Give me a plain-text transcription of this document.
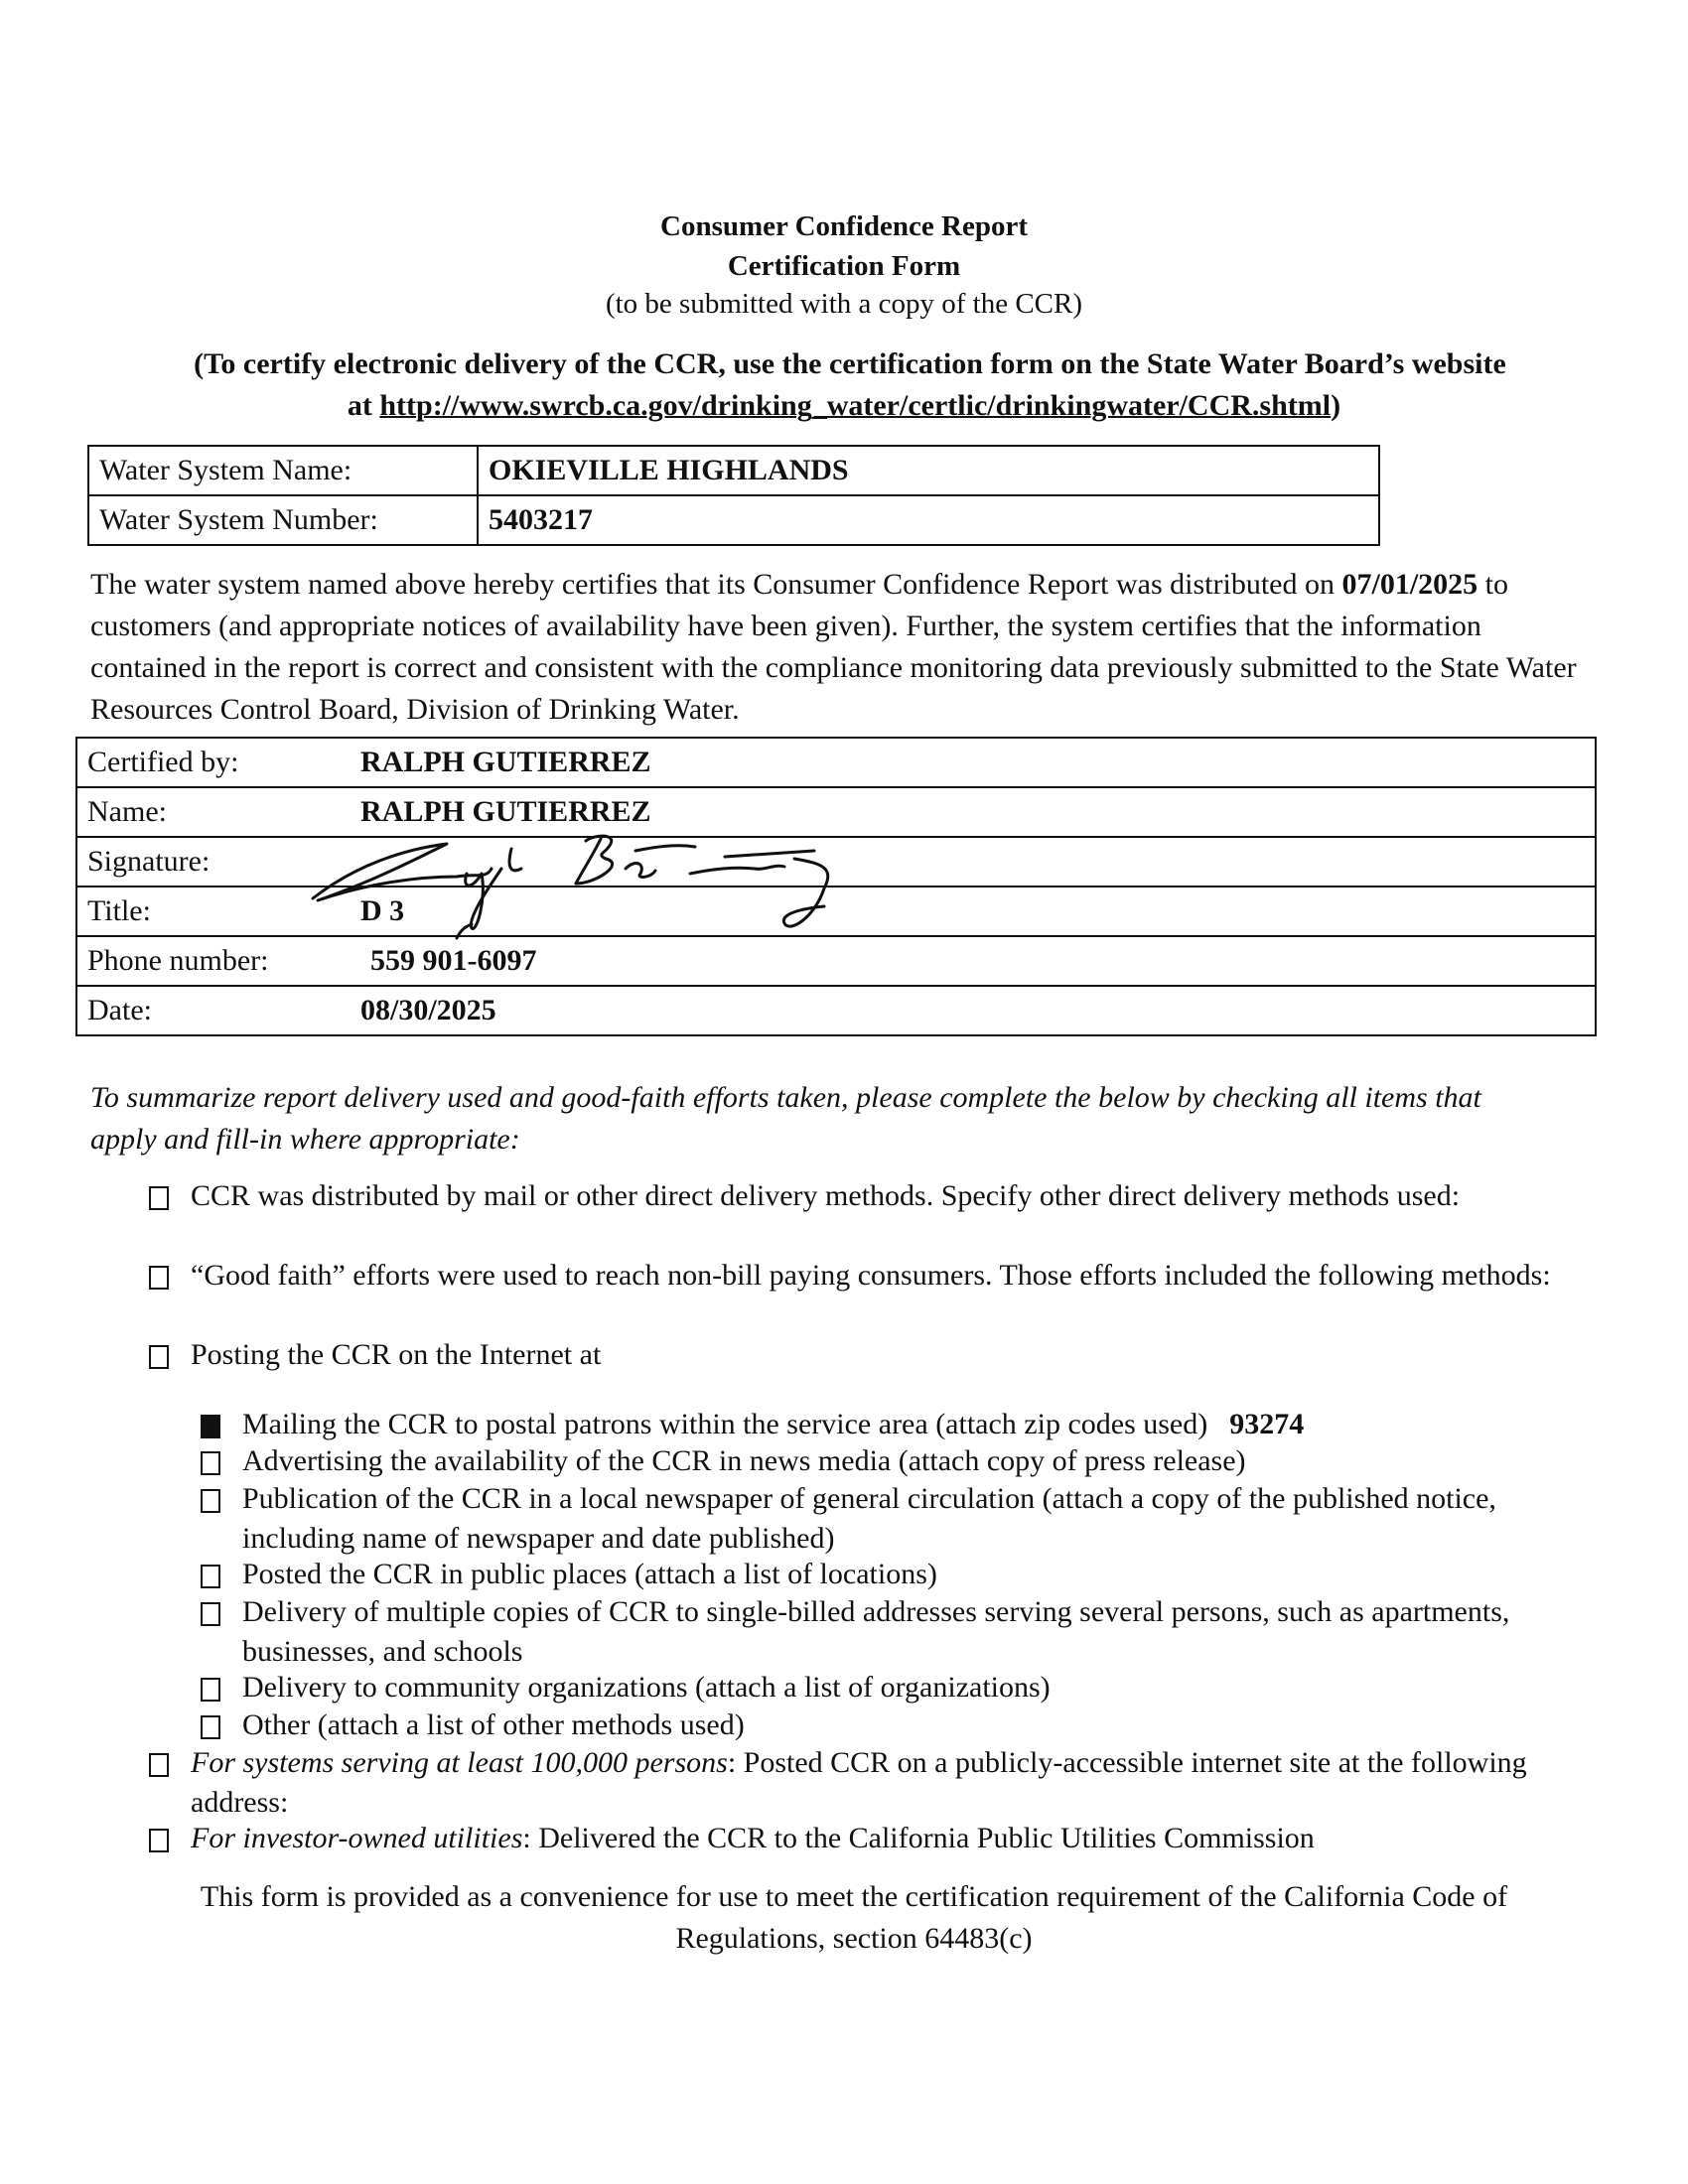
Consumer Confidence Report
Certification Form
(to be submitted with a copy of the CCR)
(To certify electronic delivery of the CCR, use the certification form on the State Water Board’s website
at http://www.swrcb.ca.gov/drinking_water/certlic/drinkingwater/CCR.shtml)
Water System Name:	OKIEVILLE HIGHLANDS
Water System Number:	5403217
The water system named above hereby certifies that its Consumer Confidence Report was distributed on 07/01/2025 to customers (and appropriate notices of availability have been given). Further, the system certifies that the information contained in the report is correct and consistent with the compliance monitoring data previously submitted to the State Water Resources Control Board, Division of Drinking Water.
Certified by:	RALPH GUTIERREZ
Name:	RALPH GUTIERREZ
Signature:	
Title:	D 3
Phone number:	559 901-6097
Date:	08/30/2025
To summarize report delivery used and good-faith efforts taken, please complete the below by checking all items that apply and fill-in where appropriate:
CCR was distributed by mail or other direct delivery methods. Specify other direct delivery methods used:
“Good faith” efforts were used to reach non-bill paying consumers. Those efforts included the following methods:
Posting the CCR on the Internet at
Mailing the CCR to postal patrons within the service area (attach zip codes used) 93274
Advertising the availability of the CCR in news media (attach copy of press release)
Publication of the CCR in a local newspaper of general circulation (attach a copy of the published notice, including name of newspaper and date published)
Posted the CCR in public places (attach a list of locations)
Delivery of multiple copies of CCR to single-billed addresses serving several persons, such as apartments, businesses, and schools
Delivery to community organizations (attach a list of organizations)
Other (attach a list of other methods used)
For systems serving at least 100,000 persons: Posted CCR on a publicly-accessible internet site at the following address:
For investor-owned utilities: Delivered the CCR to the California Public Utilities Commission
This form is provided as a convenience for use to meet the certification requirement of the California Code of
Regulations, section 64483(c)
